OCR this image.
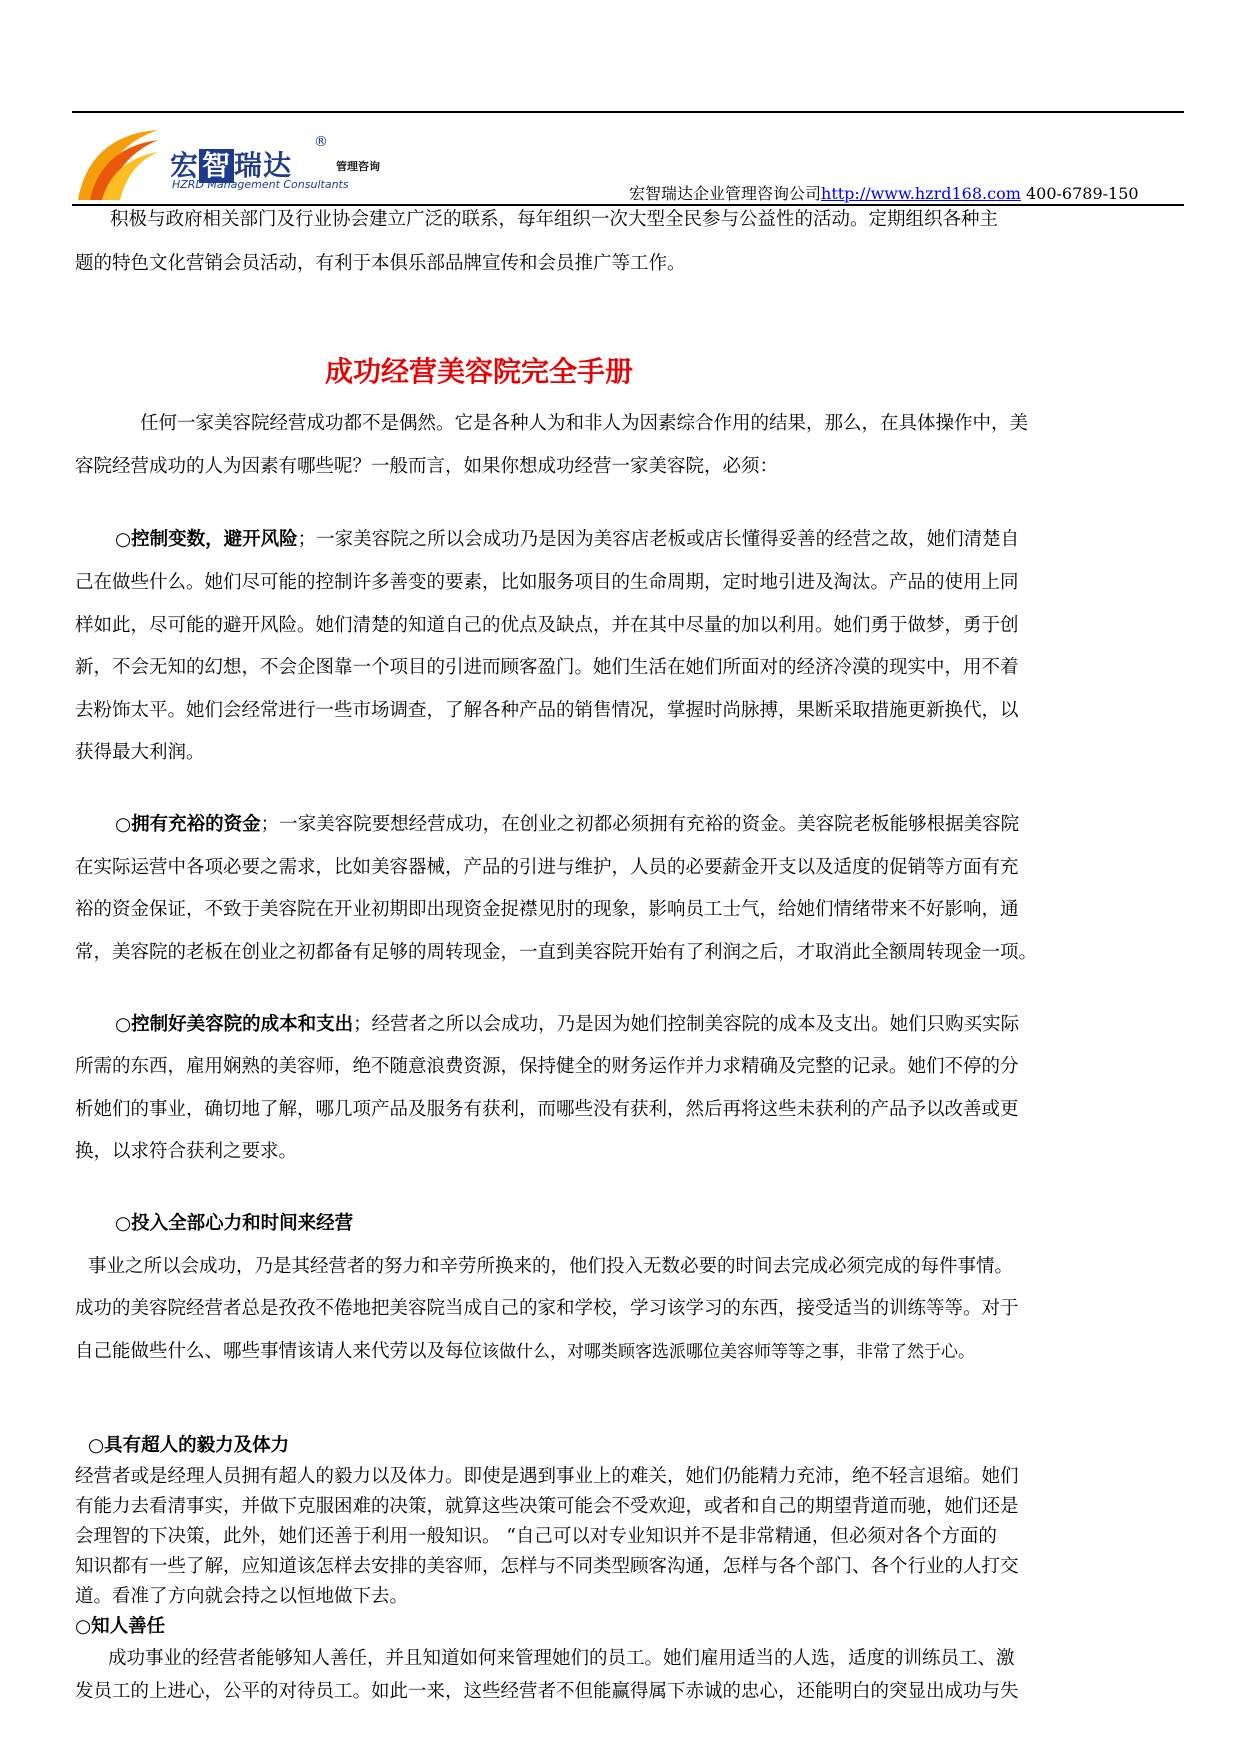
宏 智 瑞达
®
管理咨询
HZRD Management Consultants	宏智瑞达企业管理咨询公司http://www.hzrd168.com 400-6789-150
积极与政府相关部门及行业协会建立广泛的联系，每年组织一次大型全民参与公益性的活动。定期组织各种主
题的特色文化营销会员活动，有利于本俱乐部品牌宣传和会员推广等工作。
成功经营美容院完全手册
任何一家美容院经营成功都不是偶然。它是各种人为和非人为因素综合作用的结果，那么，在具体操作中，美
容院经营成功的人为因素有哪些呢？一般而言，如果你想成功经营一家美容院，必须：
○控制变数，避开风险；一家美容院之所以会成功乃是因为美容店老板或店长懂得妥善的经营之故，她们清楚自
己在做些什么。她们尽可能的控制许多善变的要素，比如服务项目的生命周期，定时地引进及淘汰。产品的使用上同
样如此，尽可能的避开风险。她们清楚的知道自己的优点及缺点，并在其中尽量的加以利用。她们勇于做梦，勇于创
新，不会无知的幻想，不会企图靠一个项目的引进而顾客盈门。她们生活在她们所面对的经济冷漠的现实中，用不着
去粉饰太平。她们会经常进行一些市场调查，了解各种产品的销售情况，掌握时尚脉搏，果断采取措施更新换代，以
获得最大利润。
○拥有充裕的资金；一家美容院要想经营成功，在创业之初都必须拥有充裕的资金。美容院老板能够根据美容院
在实际运营中各项必要之需求，比如美容器械，产品的引进与维护，人员的必要薪金开支以及适度的促销等方面有充
裕的资金保证，不致于美容院在开业初期即出现资金捉襟见肘的现象，影响员工士气，给她们情绪带来不好影响，通
常，美容院的老板在创业之初都备有足够的周转现金，一直到美容院开始有了利润之后，才取消此全额周转现金一项。
○控制好美容院的成本和支出；经营者之所以会成功，乃是因为她们控制美容院的成本及支出。她们只购买实际
所需的东西，雇用娴熟的美容师，绝不随意浪费资源，保持健全的财务运作并力求精确及完整的记录。她们不停的分
析她们的事业，确切地了解，哪几项产品及服务有获利，而哪些没有获利，然后再将这些未获利的产品予以改善或更
换，以求符合获利之要求。
○投入全部心力和时间来经营
事业之所以会成功，乃是其经营者的努力和辛劳所换来的，他们投入无数必要的时间去完成必须完成的每件事情。
成功的美容院经营者总是孜孜不倦地把美容院当成自己的家和学校，学习该学习的东西，接受适当的训练等等。对于
自己能做些什么、哪些事情该请人来代劳以及每位该做什么，对哪类顾客选派哪位美容师等等之事，非常了然于心。
○具有超人的毅力及体力
经营者或是经理人员拥有超人的毅力以及体力。即使是遇到事业上的难关，她们仍能精力充沛，绝不轻言退缩。她们
有能力去看清事实，并做下克服困难的决策，就算这些决策可能会不受欢迎，或者和自己的期望背道而驰，她们还是
会理智的下决策，此外，她们还善于利用一般知识。 “自己可以对专业知识并不是非常精通，但必须对各个方面的
知识都有一些了解，应知道该怎样去安排的美容师，怎样与不同类型顾客沟通，怎样与各个部门、各个行业的人打交
道。看准了方向就会持之以恒地做下去。
○知人善任
成功事业的经营者能够知人善任，并且知道如何来管理她们的员工。她们雇用适当的人选，适度的训练员工、激
发员工的上进心，公平的对待员工。如此一来，这些经营者不但能赢得属下赤诚的忠心，还能明白的突显出成功与失
